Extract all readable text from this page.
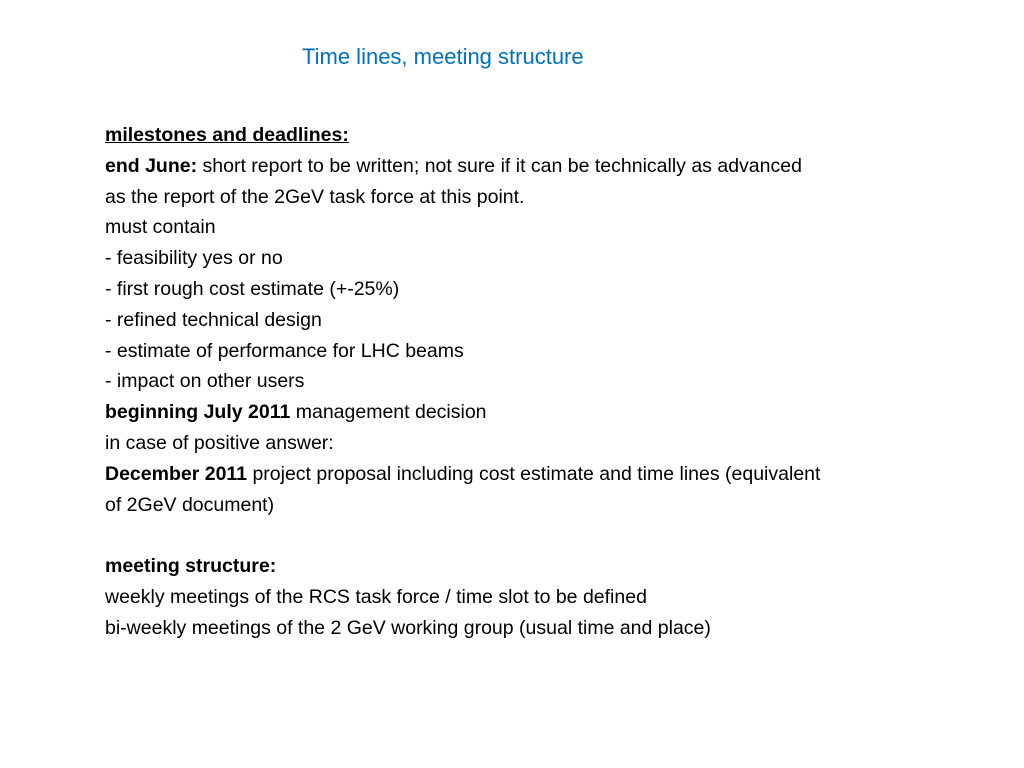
Time lines, meeting structure
milestones and deadlines:
end June: short report to be written; not sure if it can be technically as advanced
as the report of the 2GeV task force at this point.
must contain
- feasibility yes or no
- first rough cost estimate (+-25%)
- refined technical design
- estimate of performance for LHC beams
- impact on other users
beginning July 2011 management decision
in case of positive answer:
December 2011 project proposal including cost estimate and time lines (equivalent
of 2GeV document)
meeting structure:
weekly meetings of the RCS task force / time slot to be defined
bi-weekly meetings of the 2 GeV working group (usual time and place)
